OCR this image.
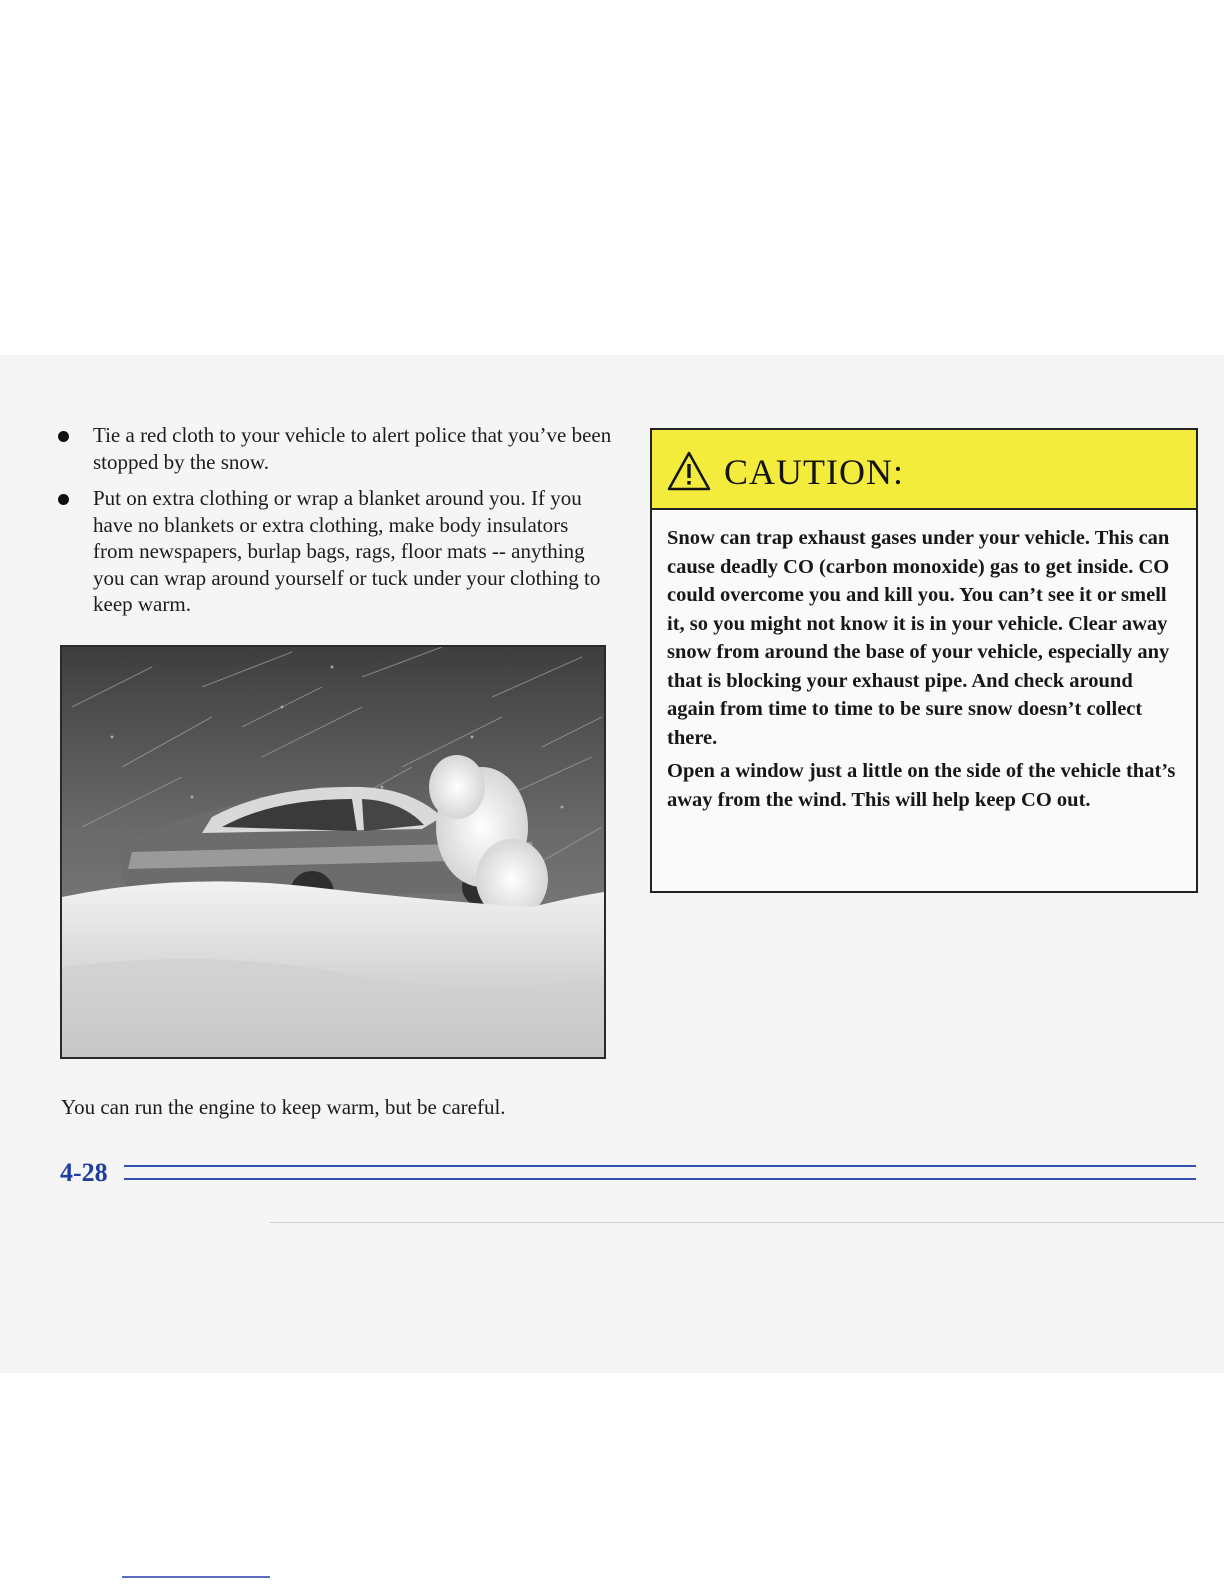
Tie a red cloth to your vehicle to alert police that you’ve been stopped by the snow.
Put on extra clothing or wrap a blanket around you. If you have no blankets or extra clothing, make body insulators from newspapers, burlap bags, rags, floor mats -- anything you can wrap around yourself or tuck under your clothing to keep warm.
You can run the engine to keep warm, but be careful.
CAUTION:

Snow can trap exhaust gases under your vehicle. This can cause deadly CO (carbon monoxide) gas to get inside. CO could overcome you and kill you. You can’t see it or smell it, so you might not know it is in your vehicle. Clear away snow from around the base of your vehicle, especially any that is blocking your exhaust pipe. And check around again from time to time to be sure snow doesn’t collect there.

Open a window just a little on the side of the vehicle that’s away from the wind. This will help keep CO out.

4-28
